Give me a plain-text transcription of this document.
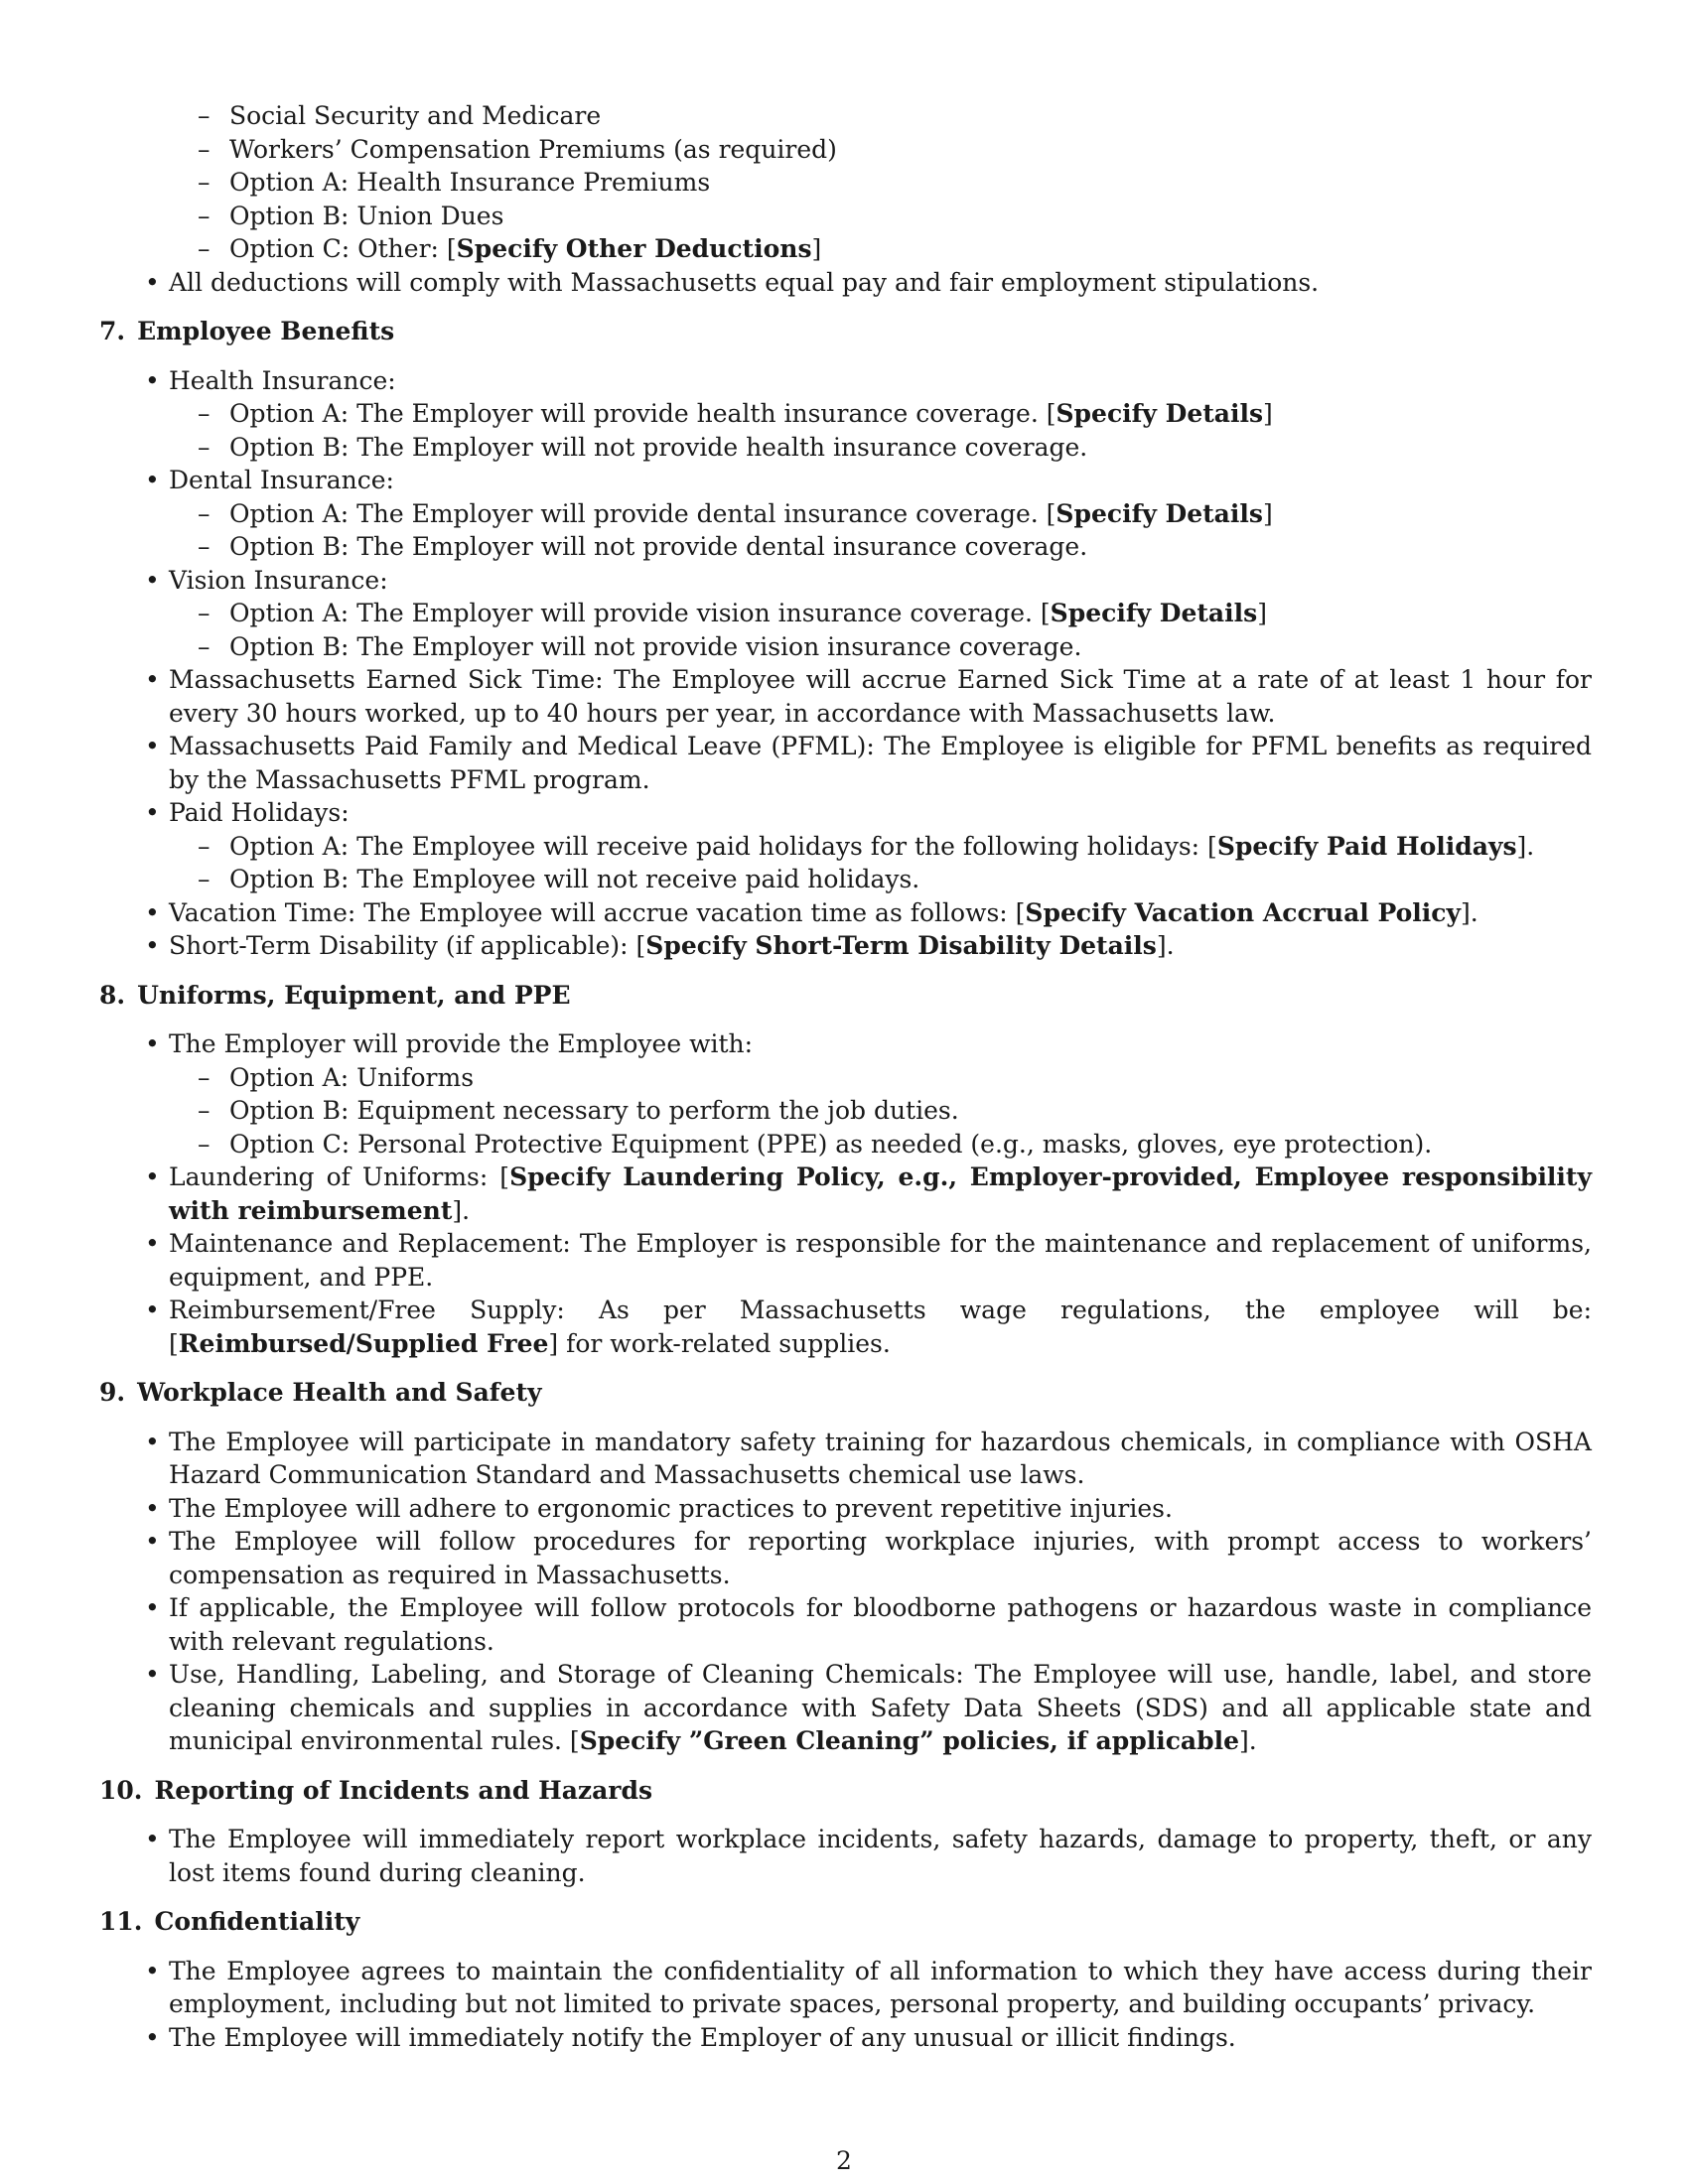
– Social Security and Medicare
– Workers’ Compensation Premiums (as required)
– Option A: Health Insurance Premiums
– Option B: Union Dues
– Option C: Other: [Specify Other Deductions]
• All deductions will comply with Massachusetts equal pay and fair employment stipulations.
7. Employee Benefits
• Health Insurance:
– Option A: The Employer will provide health insurance coverage. [Specify Details]
– Option B: The Employer will not provide health insurance coverage.
• Dental Insurance:
– Option A: The Employer will provide dental insurance coverage. [Specify Details]
– Option B: The Employer will not provide dental insurance coverage.
• Vision Insurance:
– Option A: The Employer will provide vision insurance coverage. [Specify Details]
– Option B: The Employer will not provide vision insurance coverage.
• Massachusetts Earned Sick Time: The Employee will accrue Earned Sick Time at a rate of at least 1 hour for every 30 hours worked, up to 40 hours per year, in accordance with Massachusetts law.
• Massachusetts Paid Family and Medical Leave (PFML): The Employee is eligible for PFML benefits as required by the Massachusetts PFML program.
• Paid Holidays:
– Option A: The Employee will receive paid holidays for the following holidays: [Specify Paid Holidays].
– Option B: The Employee will not receive paid holidays.
• Vacation Time: The Employee will accrue vacation time as follows: [Specify Vacation Accrual Policy].
• Short-Term Disability (if applicable): [Specify Short-Term Disability Details].
8. Uniforms, Equipment, and PPE
• The Employer will provide the Employee with:
– Option A: Uniforms
– Option B: Equipment necessary to perform the job duties.
– Option C: Personal Protective Equipment (PPE) as needed (e.g., masks, gloves, eye protection).
• Laundering of Uniforms: [Specify Laundering Policy, e.g., Employer-provided, Employee responsibility with reimbursement].
• Maintenance and Replacement: The Employer is responsible for the maintenance and replacement of uniforms, equipment, and PPE.
• Reimbursement/Free Supply: As per Massachusetts wage regulations, the employee will be: [Reimbursed/Supplied Free] for work-related supplies.
9. Workplace Health and Safety
• The Employee will participate in mandatory safety training for hazardous chemicals, in compliance with OSHA Hazard Communication Standard and Massachusetts chemical use laws.
• The Employee will adhere to ergonomic practices to prevent repetitive injuries.
• The Employee will follow procedures for reporting workplace injuries, with prompt access to workers’ compensation as required in Massachusetts.
• If applicable, the Employee will follow protocols for bloodborne pathogens or hazardous waste in compliance with relevant regulations.
• Use, Handling, Labeling, and Storage of Cleaning Chemicals: The Employee will use, handle, label, and store cleaning chemicals and supplies in accordance with Safety Data Sheets (SDS) and all applicable state and municipal environmental rules. [Specify ”Green Cleaning” policies, if applicable].
10. Reporting of Incidents and Hazards
• The Employee will immediately report workplace incidents, safety hazards, damage to property, theft, or any lost items found during cleaning.
11. Confidentiality
• The Employee agrees to maintain the confidentiality of all information to which they have access during their employment, including but not limited to private spaces, personal property, and building occupants’ privacy.
• The Employee will immediately notify the Employer of any unusual or illicit findings.
2
